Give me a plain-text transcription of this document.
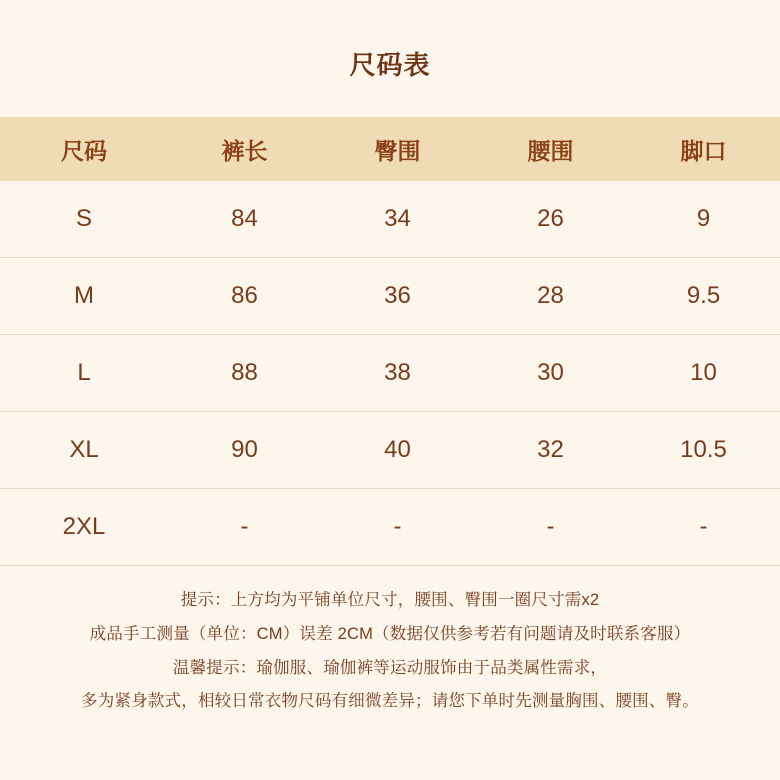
尺码表
尺码	裤长	臀围	腰围	脚口
S	84	34	26	9
M	86	36	28	9.5
L	88	38	30	10
XL	90	40	32	10.5
2XL	-	-	-	-

提示：上方均为平铺单位尺寸，腰围、臀围一圈尺寸需x2

成品手工测量（单位：CM）误差 2CM（数据仅供参考若有问题请及时联系客服）

温馨提示：瑜伽服、瑜伽裤等运动服饰由于品类属性需求，

多为紧身款式，相较日常衣物尺码有细微差异；请您下单时先测量胸围、腰围、臀。
